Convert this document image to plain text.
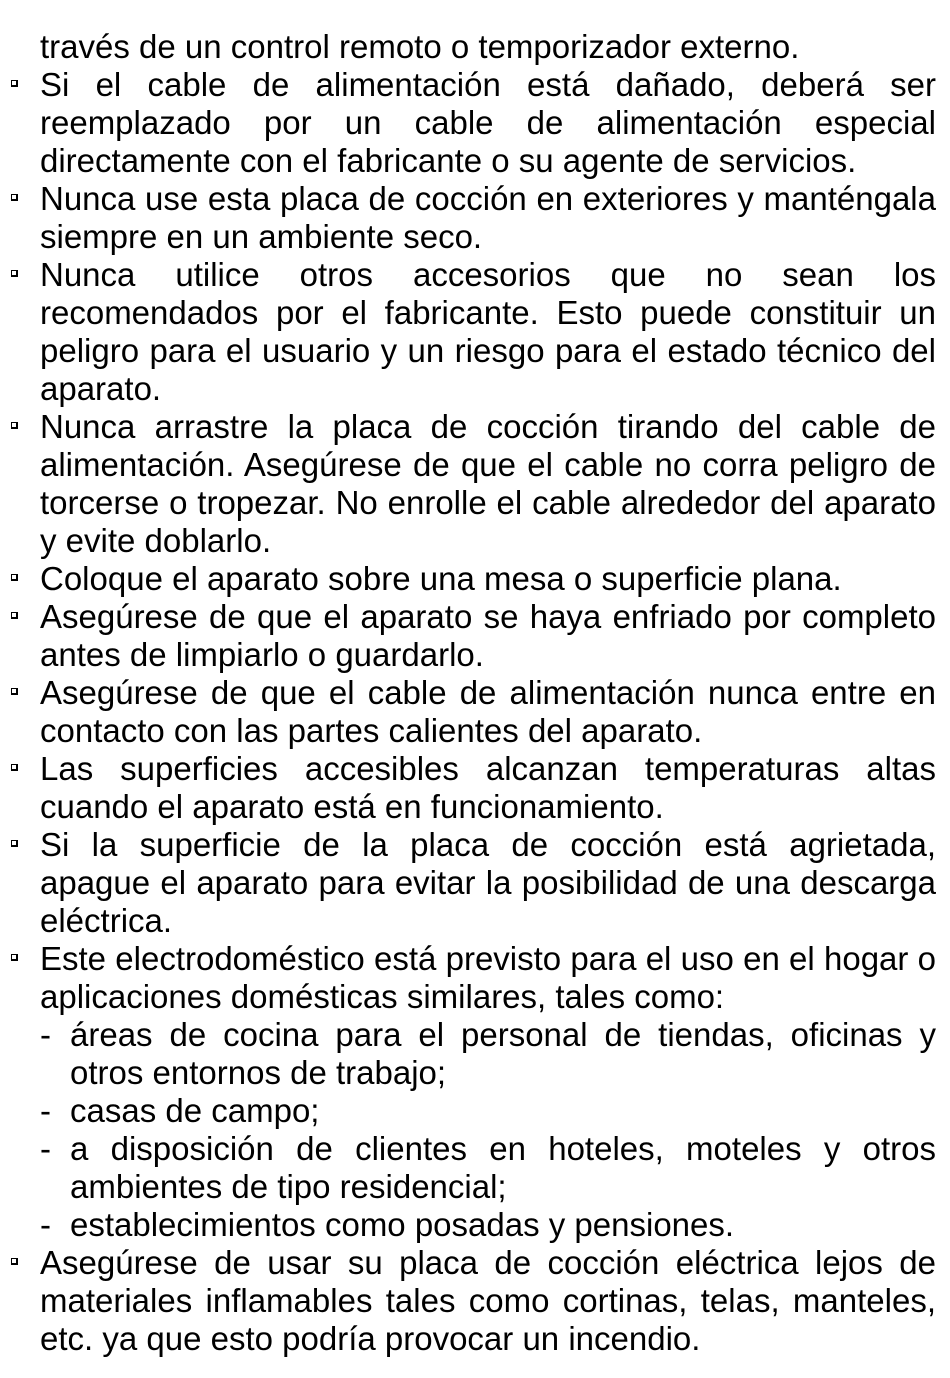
través de un control remoto o temporizador externo.

Si el cable de alimentación está dañado, deberá ser reemplazado por un cable de alimentación especial directamente con el fabricante o su agente de servicios.
Nunca use esta placa de cocción en exteriores y manténgala siempre en un ambiente seco.
Nunca utilice otros accesorios que no sean los recomendados por el fabricante. Esto puede constituir un peligro para el usuario y un riesgo para el estado técnico del aparato.
Nunca arrastre la placa de cocción tirando del cable de alimentación. Asegúrese de que el cable no corra peligro de torcerse o tropezar. No enrolle el cable alrededor del aparato y evite doblarlo.
Coloque el aparato sobre una mesa o superficie plana.
Asegúrese de que el aparato se haya enfriado por completo antes de limpiarlo o guardarlo.
Asegúrese de que el cable de alimentación nunca entre en contacto con las partes calientes del aparato.
Las superficies accesibles alcanzan temperaturas altas cuando el aparato está en funcionamiento.
Si la superficie de la placa de cocción está agrietada, apague el aparato para evitar la posibilidad de una descarga eléctrica.
Este electrodoméstico está previsto para el uso en el hogar o aplicaciones domésticas similares, tales como:
- áreas de cocina para el personal de tiendas, oficinas y otros entornos de trabajo;
- casas de campo;
- a disposición de clientes en hoteles, moteles y otros ambientes de tipo residencial;
- establecimientos como posadas y pensiones.
Asegúrese de usar su placa de cocción eléctrica lejos de materiales inflamables tales como cortinas, telas, manteles, etc. ya que esto podría provocar un incendio.
